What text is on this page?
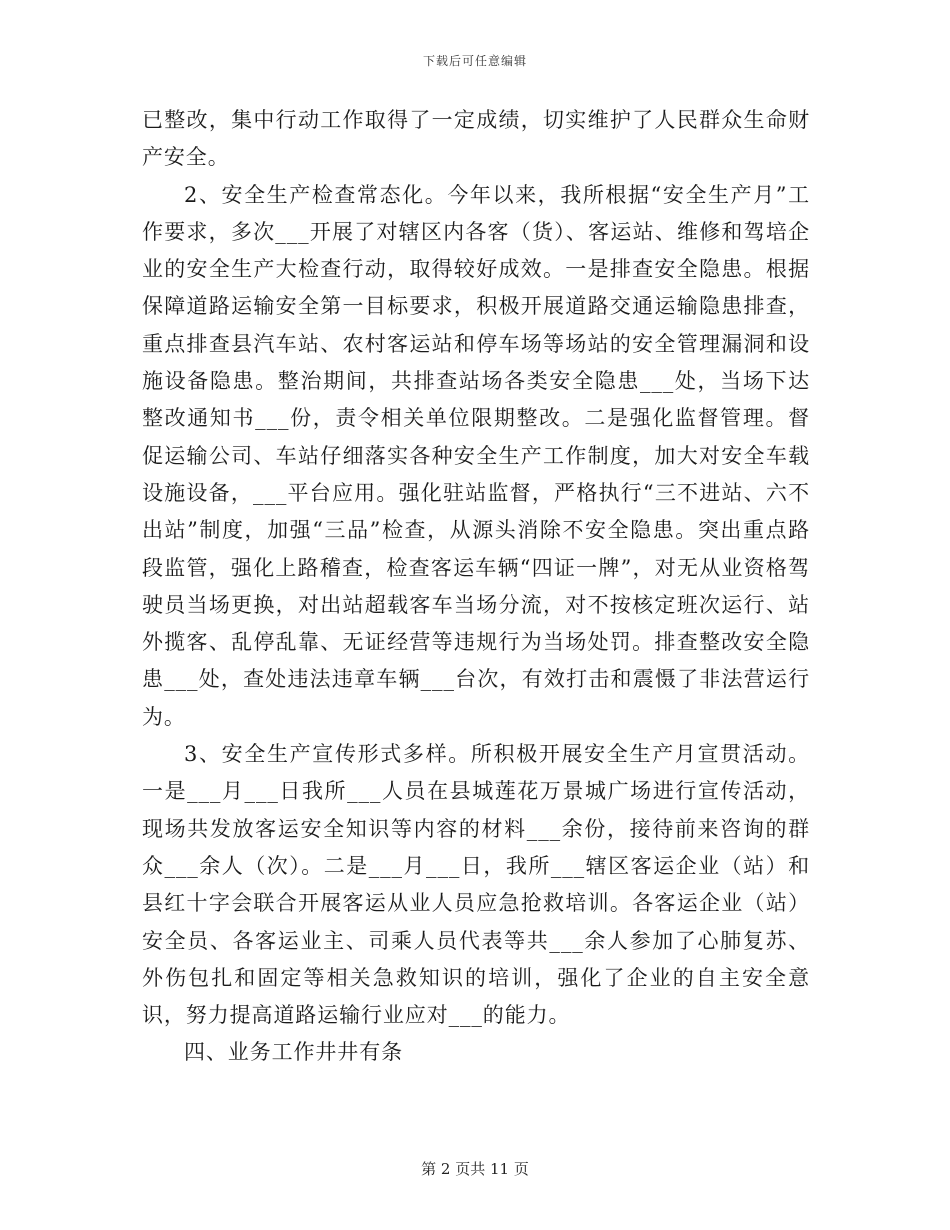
下载后可任意编辑

已整改，集中行动工作取得了一定成绩，切实维护了人民群众生命财产安全。

2、安全生产检查常态化。今年以来，我所根据“安全生产月”工作要求，多次___开展了对辖区内各客（货）、客运站、维修和驾培企业的安全生产大检查行动，取得较好成效。一是排查安全隐患。根据保障道路运输安全第一目标要求，积极开展道路交通运输隐患排查，重点排查县汽车站、农村客运站和停车场等场站的安全管理漏洞和设施设备隐患。整治期间，共排查站场各类安全隐患___处，当场下达整改通知书___份，责令相关单位限期整改。二是强化监督管理。督促运输公司、车站仔细落实各种安全生产工作制度，加大对安全车载设施设备，___平台应用。强化驻站监督，严格执行“三不进站、六不出站”制度，加强“三品”检查，从源头消除不安全隐患。突出重点路段监管，强化上路稽查，检查客运车辆“四证一牌”，对无从业资格驾驶员当场更换，对出站超载客车当场分流，对不按核定班次运行、站外揽客、乱停乱靠、无证经营等违规行为当场处罚。排查整改安全隐患___处，查处违法违章车辆___台次，有效打击和震慑了非法营运行为。

3、安全生产宣传形式多样。所积极开展安全生产月宣贯活动。一是___月___日我所___人员在县城莲花万景城广场进行宣传活动，现场共发放客运安全知识等内容的材料___余份，接待前来咨询的群众___余人（次）。二是___月___日，我所___辖区客运企业（站）和县红十字会联合开展客运从业人员应急抢救培训。各客运企业（站）安全员、各客运业主、司乘人员代表等共___余人参加了心肺复苏、外伤包扎和固定等相关急救知识的培训，强化了企业的自主安全意识，努力提高道路运输行业应对___的能力。

四、业务工作井井有条

第 2 页共 11 页
